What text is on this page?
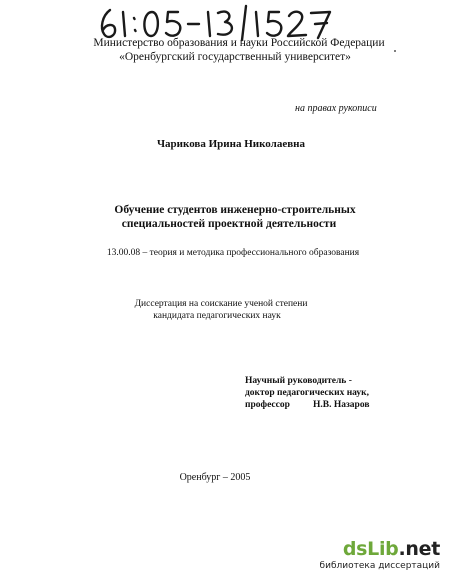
Министерство образования и науки Российской Федерации
«Оренбургский государственный университет»
на правах рукописи
Чарикова Ирина Николаевна
Обучение студентов инженерно-строительных
специальностей проектной деятельности
13.00.08 – теория и методика профессионального образования
Диссертация на соискание ученой степени
кандидата педагогических наук
Научный руководитель -
доктор педагогических наук,
профессор Н.В. Назаров
Оренбург – 2005
dsLib.net
библиотека диссертаций
